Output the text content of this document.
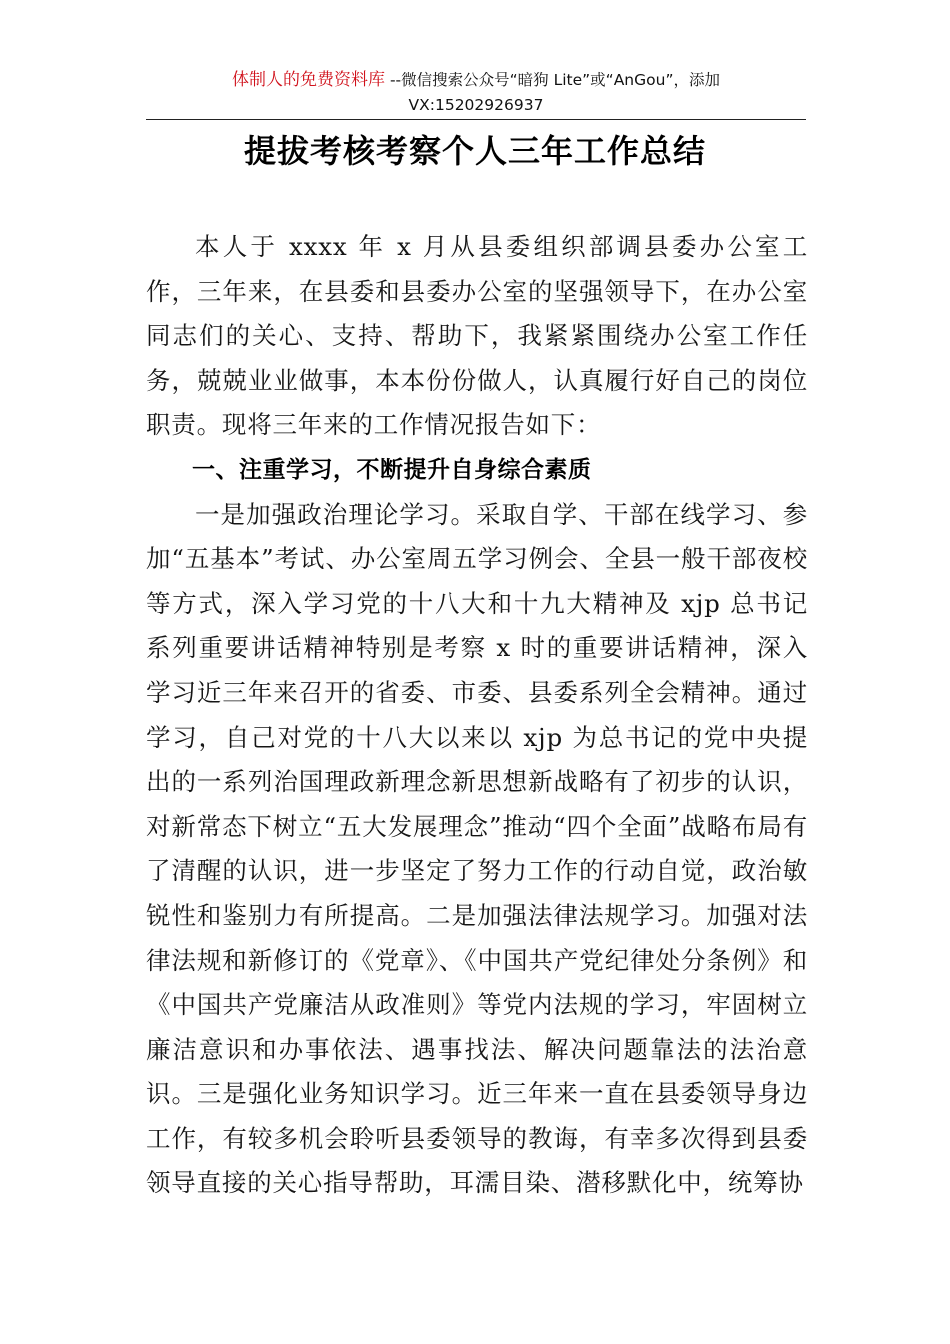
体制人的免费资料库 --微信搜索公众号“暗狗 Lite”或“AnGou”，添加
VX:15202926937
提拔考核考察个人三年工作总结

本人于 xxxx 年 x 月从县委组织部调县委办公室工作，三年来，在县委和县委办公室的坚强领导下，在办公室同志们的关心、支持、帮助下，我紧紧围绕办公室工作任务，兢兢业业做事，本本份份做人，认真履行好自己的岗位职责。现将三年来的工作情况报告如下：

一、注重学习，不断提升自身综合素质

一是加强政治理论学习。采取自学、干部在线学习、参加“五基本”考试、办公室周五学习例会、全县一般干部夜校等方式，深入学习党的十八大和十九大精神及 xjp 总书记系列重要讲话精神特别是考察 x 时的重要讲话精神，深入学习近三年来召开的省委、市委、县委系列全会精神。通过学习，自己对党的十八大以来以 xjp 为总书记的党中央提出的一系列治国理政新理念新思想新战略有了初步的认识，对新常态下树立“五大发展理念”推动“四个全面”战略布局有了清醒的认识，进一步坚定了努力工作的行动自觉，政治敏锐性和鉴别力有所提高。二是加强法律法规学习。加强对法律法规和新修订的《党章》、《中国共产党纪律处分条例》和《中国共产党廉洁从政准则》等党内法规的学习，牢固树立廉洁意识和办事依法、遇事找法、解决问题靠法的法治意识。三是强化业务知识学习。近三年来一直在县委领导身边工作，有较多机会聆听县委领导的教诲，有幸多次得到县委领导直接的关心指导帮助，耳濡目染、潜移默化中，统筹协
